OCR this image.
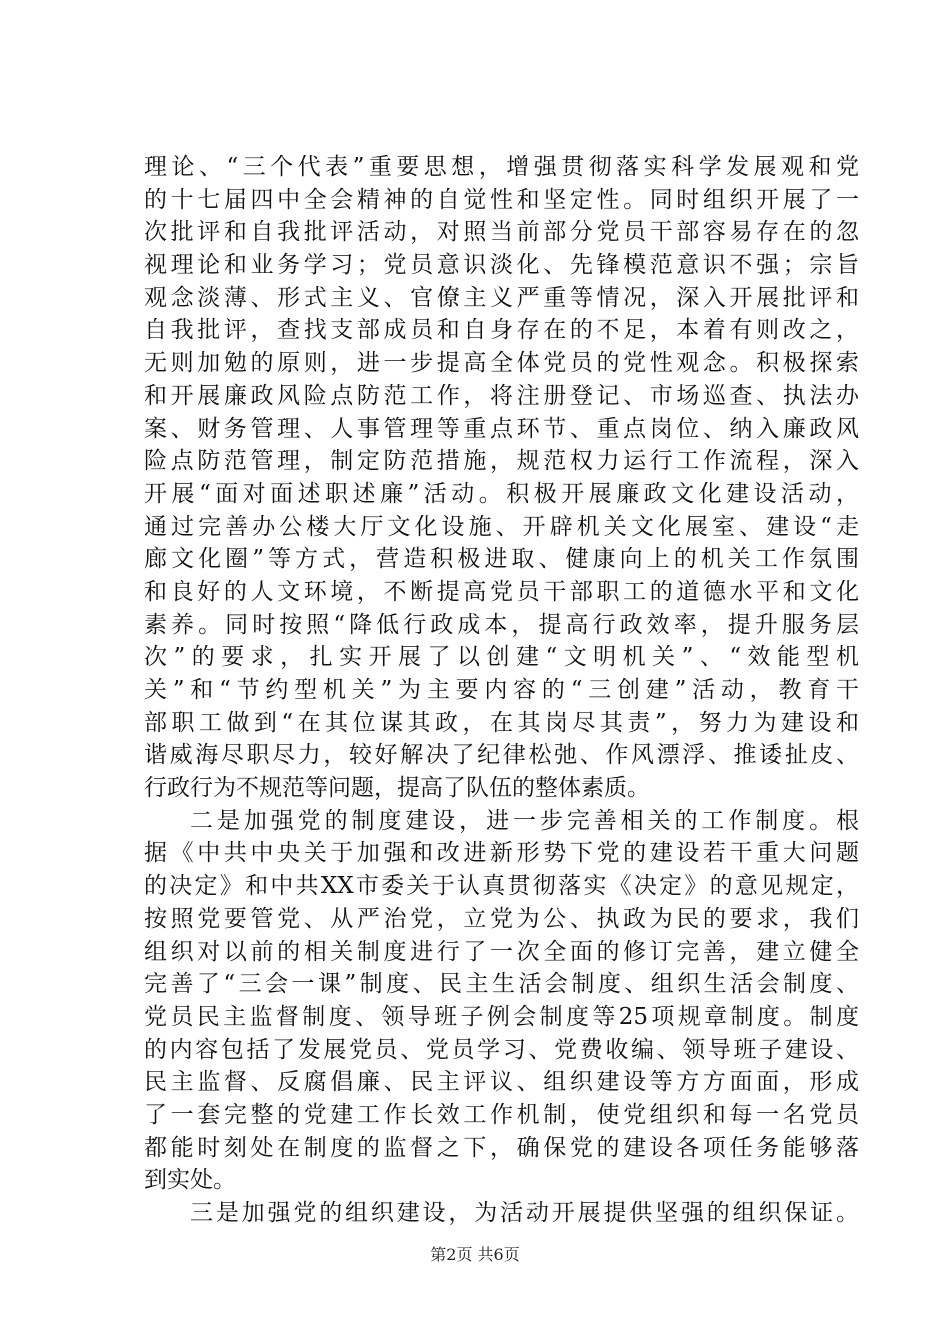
理论、“三个代表”重要思想，增强贯彻落实科学发展观和党
的十七届四中全会精神的自觉性和坚定性。同时组织开展了一
次批评和自我批评活动，对照当前部分党员干部容易存在的忽
视理论和业务学习；党员意识淡化、先锋模范意识不强；宗旨
观念淡薄、形式主义、官僚主义严重等情况，深入开展批评和
自我批评，查找支部成员和自身存在的不足，本着有则改之，
无则加勉的原则，进一步提高全体党员的党性观念。积极探索
和开展廉政风险点防范工作，将注册登记、市场巡查、执法办
案、财务管理、人事管理等重点环节、重点岗位、纳入廉政风
险点防范管理，制定防范措施，规范权力运行工作流程，深入
开展“面对面述职述廉”活动。积极开展廉政文化建设活动，
通过完善办公楼大厅文化设施、开辟机关文化展室、建设“走
廊文化圈”等方式，营造积极进取、健康向上的机关工作氛围
和良好的人文环境，不断提高党员干部职工的道德水平和文化
素养。同时按照“降低行政成本，提高行政效率，提升服务层
次”的要求，扎实开展了以创建“文明机关”、“效能型机
关”和“节约型机关”为主要内容的“三创建”活动，教育干
部职工做到“在其位谋其政，在其岗尽其责”，努力为建设和
谐威海尽职尽力，较好解决了纪律松弛、作风漂浮、推诿扯皮、
行政行为不规范等问题，提高了队伍的整体素质。
二是加强党的制度建设，进一步完善相关的工作制度。根
据《中共中央关于加强和改进新形势下党的建设若干重大问题
的决定》和中共XX市委关于认真贯彻落实《决定》的意见规定，
按照党要管党、从严治党，立党为公、执政为民的要求，我们
组织对以前的相关制度进行了一次全面的修订完善，建立健全
完善了“三会一课”制度、民主生活会制度、组织生活会制度、
党员民主监督制度、领导班子例会制度等25项规章制度。制度
的内容包括了发展党员、党员学习、党费收编、领导班子建设、
民主监督、反腐倡廉、民主评议、组织建设等方方面面，形成
了一套完整的党建工作长效工作机制，使党组织和每一名党员
都能时刻处在制度的监督之下，确保党的建设各项任务能够落
到实处。
三是加强党的组织建设，为活动开展提供坚强的组织保证。
第2页 共6页
